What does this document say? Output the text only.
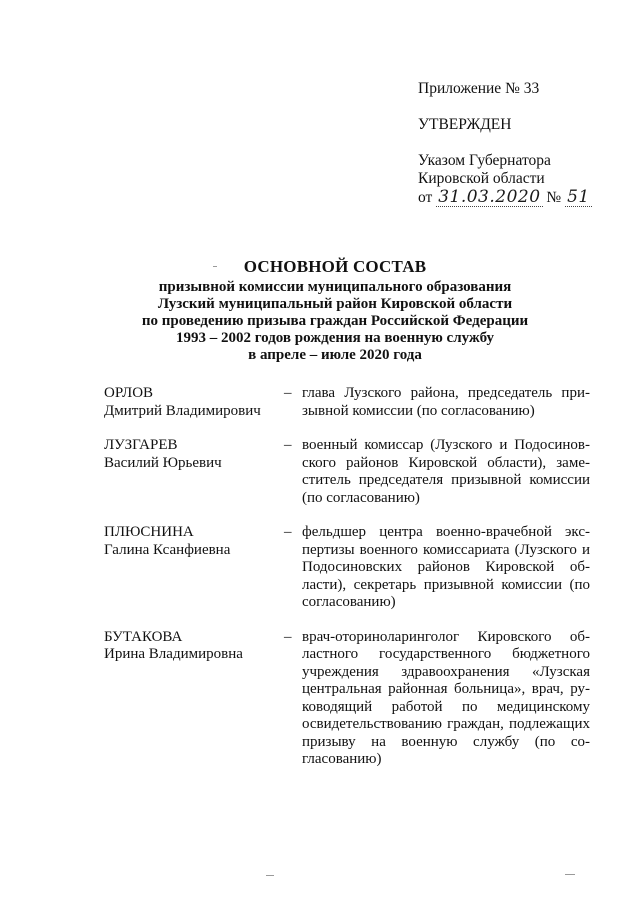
Приложение № 33
УТВЕРЖДЕН
Указом Губернатора
Кировской области
от 31.03.2020 № 51
ОСНОВНОЙ СОСТАВ
призывной комиссии муниципального образования
Лузский муниципальный район Кировской области
по проведению призыва граждан Российской Федерации
1993 – 2002 годов рождения на военную службу
в апреле – июле 2020 года
ОРЛОВ
Дмитрий Владимирович
– глава Лузского района, председатель призывной комиссии (по согласованию)
ЛУЗГАРЕВ
Василий Юрьевич
– военный комиссар (Лузского и Подосиновского районов Кировской области), заместитель председателя призывной комиссии (по согласованию)
ПЛЮСНИНА
Галина Ксанфиевна
– фельдшер центра военно-врачебной экспертизы военного комиссариата (Лузского и Подосиновских районов Кировской области), секретарь призывной комиссии (по согласованию)
БУТАКОВА
Ирина Владимировна
– врач-оториноларинголог Кировского областного государственного бюджетного учреждения здравоохранения «Лузская центральная районная больница», врач, руководящий работой по медицинскому освидетельствованию граждан, подлежащих призыву на военную службу (по согласованию)
